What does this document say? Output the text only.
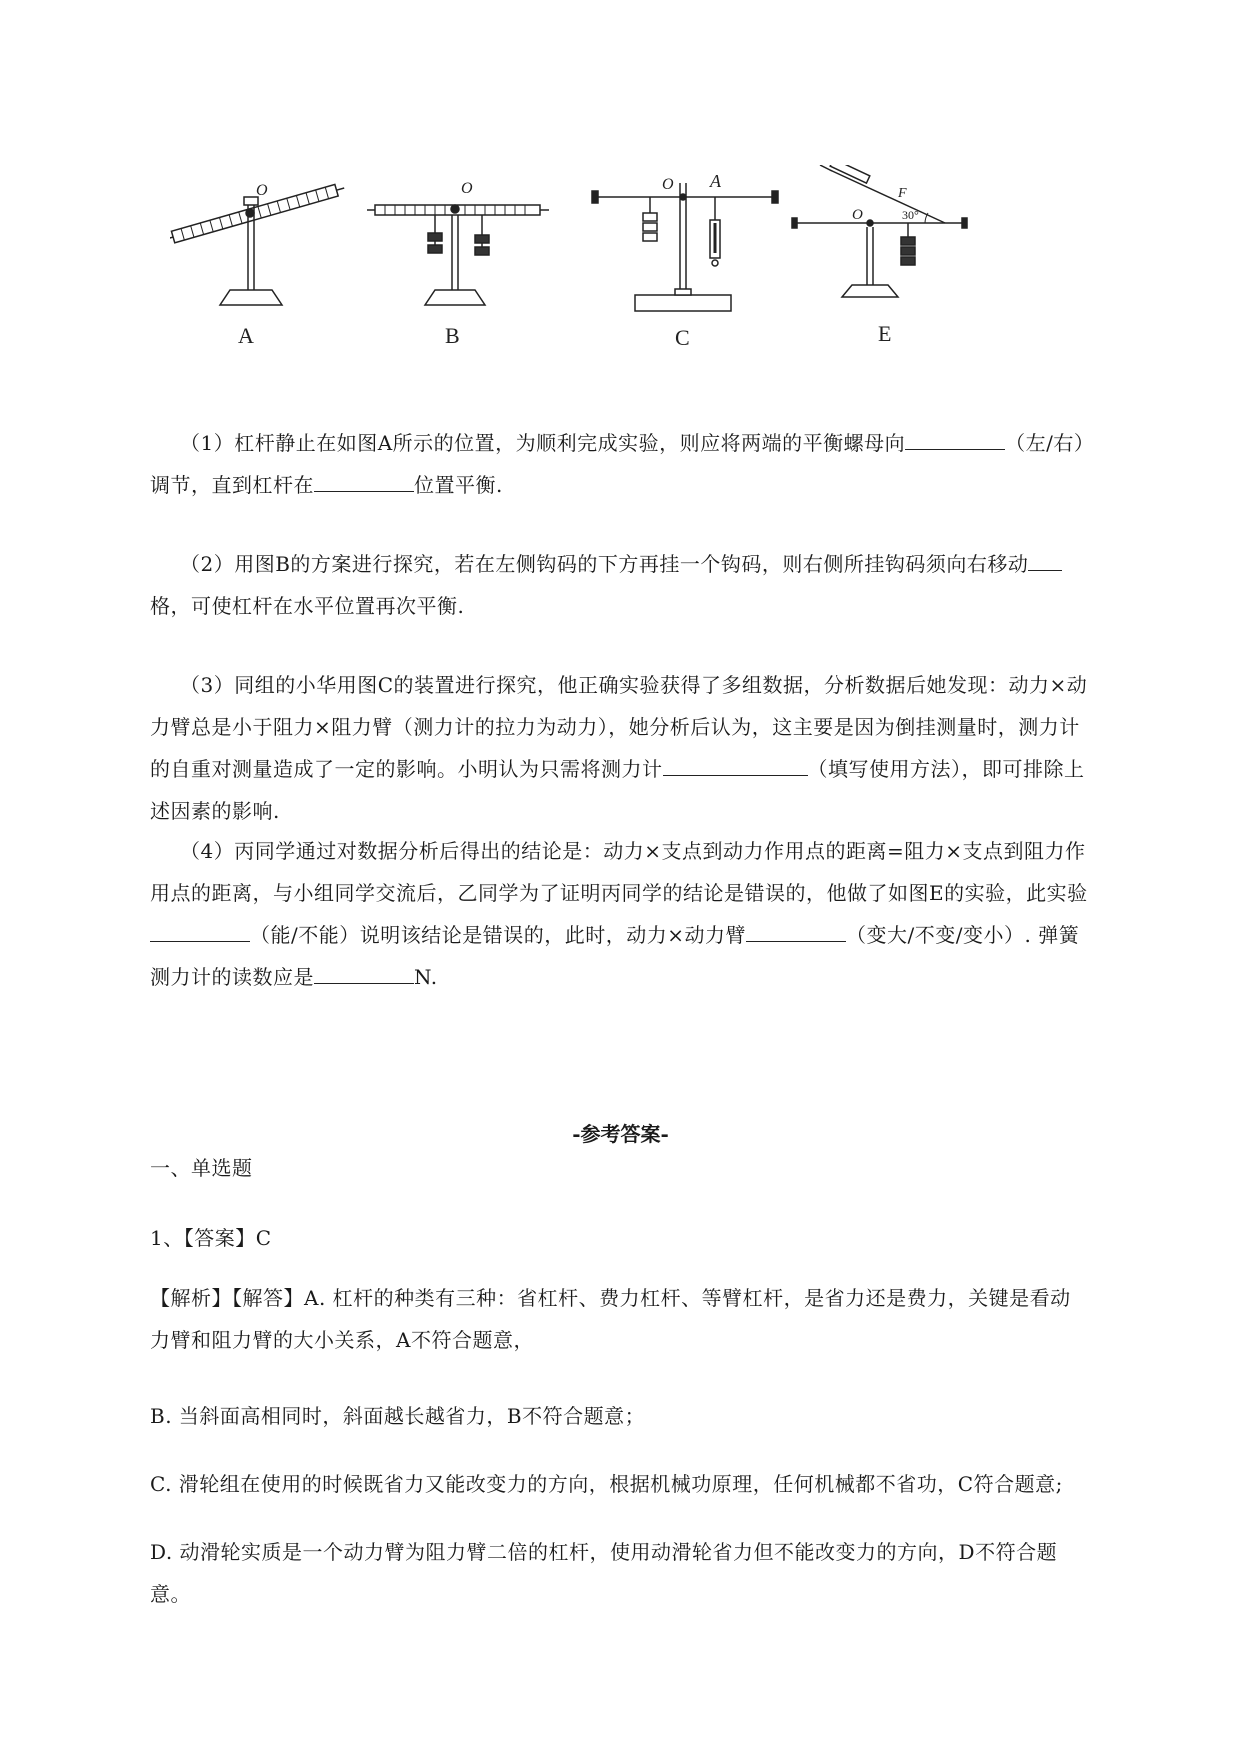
O
A
O
B
O A
C
O
F
30°
E
（1）杠杆静止在如图A所示的位置，为顺利完成实验，则应将两端的平衡螺母向	（左/右）调节，直到杠杆在	位置平衡.
（2）用图B的方案进行探究，若在左侧钩码的下方再挂一个钩码，则右侧所挂钩码须向右移动格，可使杠杆在水平位置再次平衡.
（3）同组的小华用图C的装置进行探究，他正确实验获得了多组数据，分析数据后她发现：动力×动力臂总是小于阻力×阻力臂（测力计的拉力为动力），她分析后认为，这主要是因为倒挂测量时，测力计的自重对测量造成了一定的影响。小明认为只需将测力计	（填写使用方法），即可排除上述因素的影响.
（4）丙同学通过对数据分析后得出的结论是：动力×支点到动力作用点的距离=阻力×支点到阻力作用点的距离，与小组同学交流后，乙同学为了证明丙同学的结论是错误的，他做了如图E的实验，此实验（能/不能）说明该结论是错误的，此时，动力×动力臂	（变大/不变/变小）. 弹簧测力计的读数应是	N.
-参考答案-
一、单选题
1、【答案】C
【解析】【解答】A. 杠杆的种类有三种：省杠杆、费力杠杆、等臂杠杆，是省力还是费力，关键是看动力臂和阻力臂的大小关系，A不符合题意，
B. 当斜面高相同时，斜面越长越省力，B不符合题意；
C. 滑轮组在使用的时候既省力又能改变力的方向，根据机械功原理，任何机械都不省功，C符合题意;
D. 动滑轮实质是一个动力臂为阻力臂二倍的杠杆，使用动滑轮省力但不能改变力的方向，D不符合题意。
